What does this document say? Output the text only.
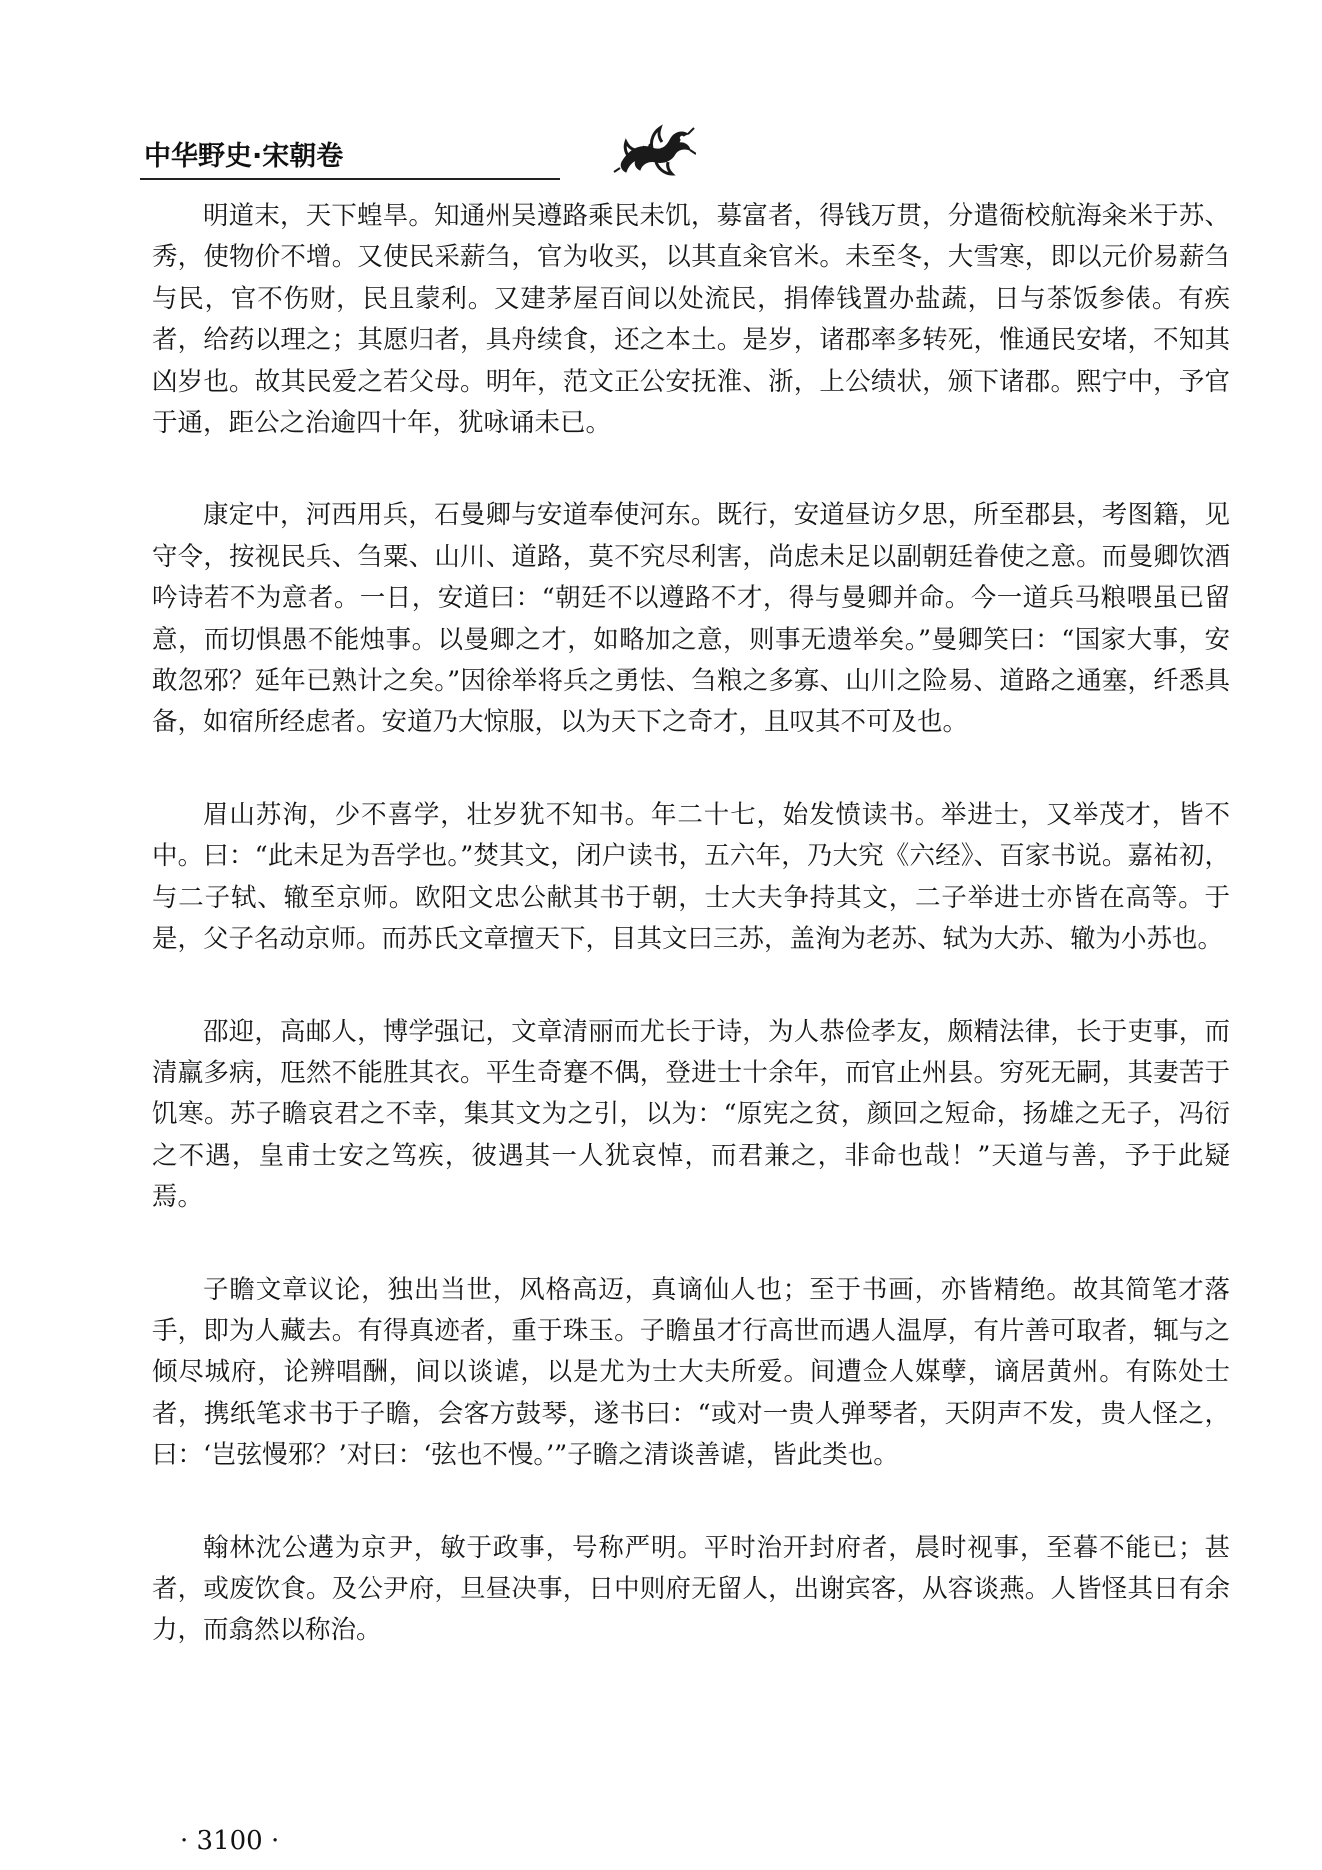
中华野史·宋朝卷

明道末，天下蝗旱。知通州吴遵路乘民未饥，募富者，得钱万贯，分遣衙校航海籴米于苏、秀，使物价不增。又使民采薪刍，官为收买，以其直籴官米。未至冬，大雪寒，即以元价易薪刍与民，官不伤财，民且蒙利。又建茅屋百间以处流民，捐俸钱置办盐蔬，日与茶饭参俵。有疾者，给药以理之；其愿归者，具舟续食，还之本土。是岁，诸郡率多转死，惟通民安堵，不知其凶岁也。故其民爱之若父母。明年，范文正公安抚淮、浙，上公绩状，颁下诸郡。熙宁中，予官于通，距公之治逾四十年，犹咏诵未已。

康定中，河西用兵，石曼卿与安道奉使河东。既行，安道昼访夕思，所至郡县，考图籍，见守令，按视民兵、刍粟、山川、道路，莫不究尽利害，尚虑未足以副朝廷眷使之意。而曼卿饮酒吟诗若不为意者。一日，安道曰：“朝廷不以遵路不才，得与曼卿并命。今一道兵马粮喂虽已留意，而切惧愚不能烛事。以曼卿之才，如略加之意，则事无遗举矣。”曼卿笑曰：“国家大事，安敢忽邪？延年已熟计之矣。”因徐举将兵之勇怯、刍粮之多寡、山川之险易、道路之通塞，纤悉具备，如宿所经虑者。安道乃大惊服，以为天下之奇才，且叹其不可及也。

眉山苏洵，少不喜学，壮岁犹不知书。年二十七，始发愤读书。举进士，又举茂才，皆不中。曰：“此未足为吾学也。”焚其文，闭户读书，五六年，乃大究《六经》、百家书说。嘉祐初，与二子轼、辙至京师。欧阳文忠公献其书于朝，士大夫争持其文，二子举进士亦皆在高等。于是，父子名动京师。而苏氏文章擅天下，目其文曰三苏，盖洵为老苏、轼为大苏、辙为小苏也。

邵迎，高邮人，博学强记，文章清丽而尤长于诗，为人恭俭孝友，颇精法律，长于吏事，而清羸多病，尫然不能胜其衣。平生奇蹇不偶，登进士十余年，而官止州县。穷死无嗣，其妻苦于饥寒。苏子瞻哀君之不幸，集其文为之引，以为：“原宪之贫，颜回之短命，扬雄之无子，冯衍之不遇，皇甫士安之笃疾，彼遇其一人犹哀悼，而君兼之，非命也哉！”天道与善，予于此疑焉。

子瞻文章议论，独出当世，风格高迈，真谪仙人也；至于书画，亦皆精绝。故其简笔才落手，即为人藏去。有得真迹者，重于珠玉。子瞻虽才行高世而遇人温厚，有片善可取者，辄与之倾尽城府，论辨唱酬，间以谈谑，以是尤为士大夫所爱。间遭佥人媒孽，谪居黄州。有陈处士者，携纸笔求书于子瞻，会客方鼓琴，遂书曰：“或对一贵人弹琴者，天阴声不发，贵人怪之，曰：‘岂弦慢邪？’对曰：‘弦也不慢。’”子瞻之清谈善谑，皆此类也。

翰林沈公遘为京尹，敏于政事，号称严明。平时治开封府者，晨时视事，至暮不能已；甚者，或废饮食。及公尹府，旦昼决事，日中则府无留人，出谢宾客，从容谈燕。人皆怪其日有余力，而翕然以称治。

· 3100 ·
